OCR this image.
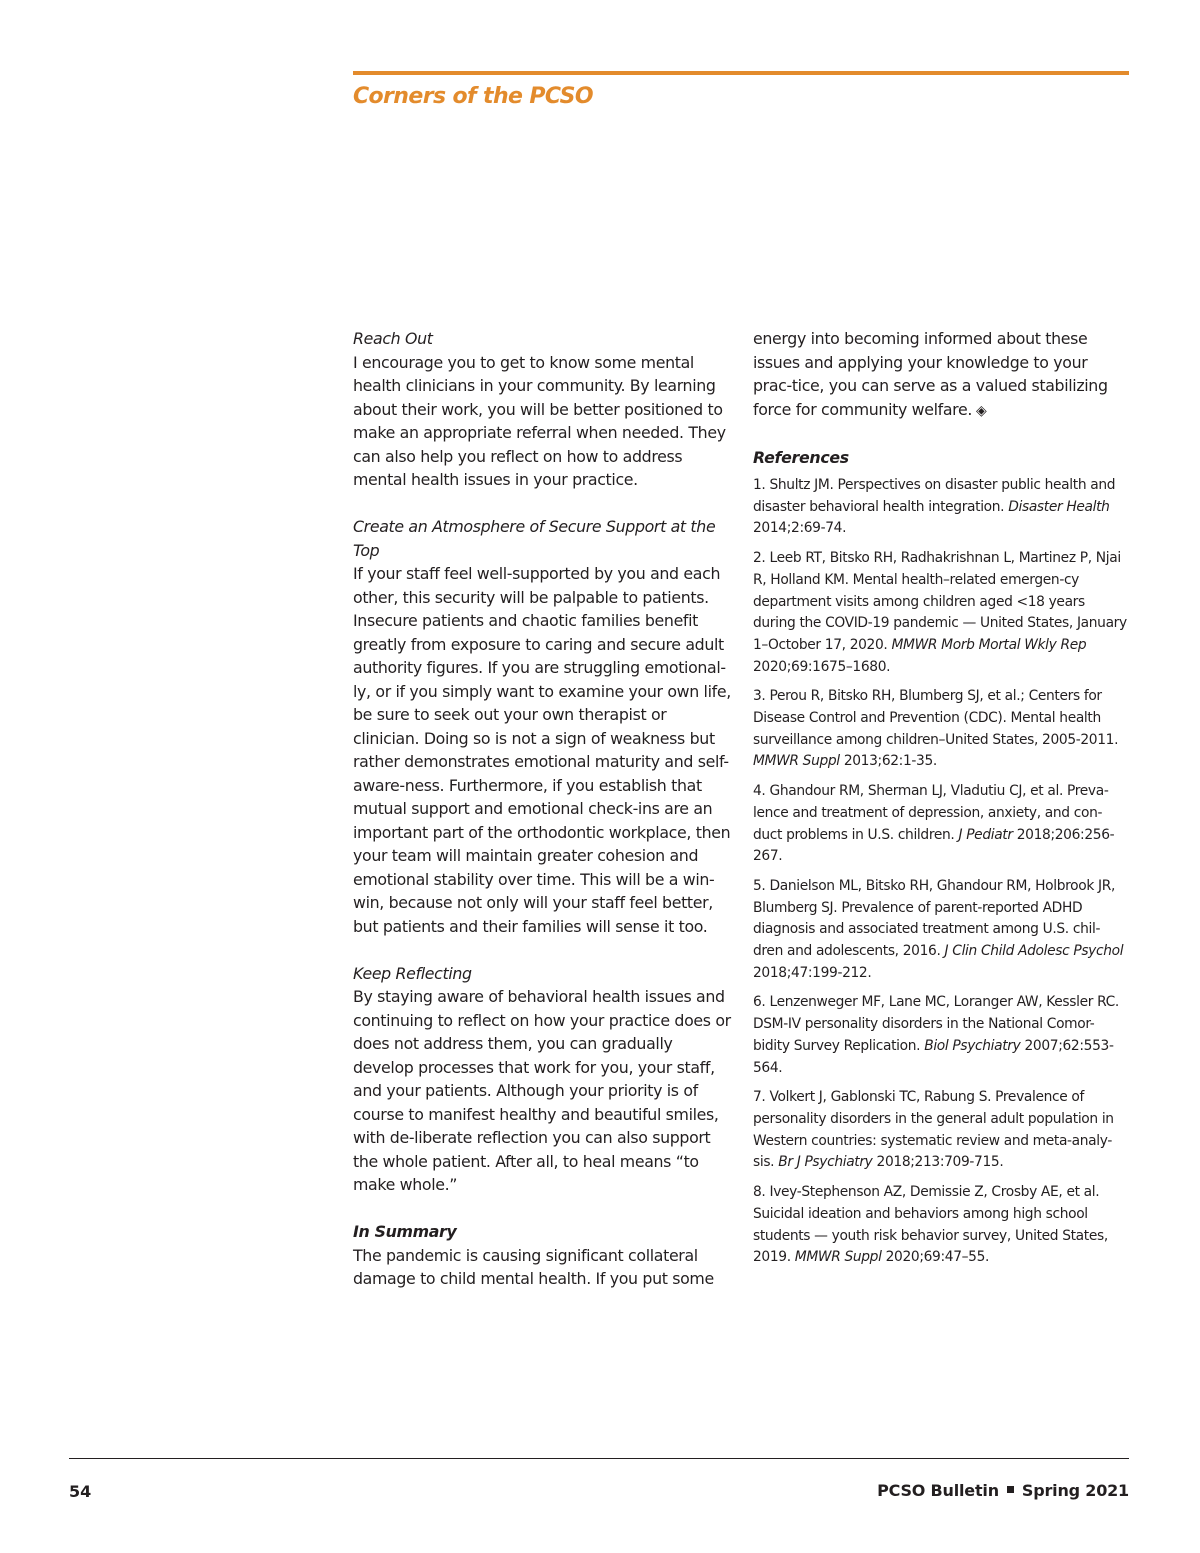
Corners of the PCSO

Reach Out

I encourage you to get to know some mental health clinicians in your community. By learning about their work, you will be better positioned to make an appropriate referral when needed. They can also help you reflect on how to address mental health issues in your practice.

Create an Atmosphere of Secure Support at the Top

If your staff feel well-supported by you and each other, this security will be palpable to patients. Insecure patients and chaotic families benefit greatly from exposure to caring and secure adult authority figures. If you are struggling emotional-ly, or if you simply want to examine your own life, be sure to seek out your own therapist or clinician. Doing so is not a sign of weakness but rather demonstrates emotional maturity and self-aware-ness. Furthermore, if you establish that mutual support and emotional check-ins are an important part of the orthodontic workplace, then your team will maintain greater cohesion and emotional stability over time. This will be a win-win, because not only will your staff feel better, but patients and their families will sense it too.

Keep Reflecting

By staying aware of behavioral health issues and continuing to reflect on how your practice does or does not address them, you can gradually develop processes that work for you, your staff, and your patients. Although your priority is of course to manifest healthy and beautiful smiles, with de-liberate reflection you can also support the whole patient. After all, to heal means “to make whole.”

In Summary

The pandemic is causing significant collateral damage to child mental health. If you put some

energy into becoming informed about these issues and applying your knowledge to your prac-tice, you can serve as a valued stabilizing force for community welfare. ◈

References

1. Shultz JM. Perspectives on disaster public health and disaster behavioral health integration. Disaster Health 2014;2:69-74.

2. Leeb RT, Bitsko RH, Radhakrishnan L, Martinez P, Njai R, Holland KM. Mental health–related emergen-cy department visits among children aged <18 years during the COVID-19 pandemic — United States, January 1–October 17, 2020. MMWR Morb Mortal Wkly Rep 2020;69:1675–1680.

3. Perou R, Bitsko RH, Blumberg SJ, et al.; Centers for Disease Control and Prevention (CDC). Mental health surveillance among children–United States, 2005-2011. MMWR Suppl 2013;62:1-35.

4. Ghandour RM, Sherman LJ, Vladutiu CJ, et al. Preva-lence and treatment of depression, anxiety, and con-duct problems in U.S. children. J Pediatr 2018;206:256-267.

5. Danielson ML, Bitsko RH, Ghandour RM, Holbrook JR, Blumberg SJ. Prevalence of parent-reported ADHD diagnosis and associated treatment among U.S. chil-dren and adolescents, 2016. J Clin Child Adolesc Psychol 2018;47:199-212.

6. Lenzenweger MF, Lane MC, Loranger AW, Kessler RC. DSM-IV personality disorders in the National Comor-bidity Survey Replication. Biol Psychiatry 2007;62:553-564.

7. Volkert J, Gablonski TC, Rabung S. Prevalence of personality disorders in the general adult population in Western countries: systematic review and meta-analy-sis. Br J Psychiatry 2018;213:709-715.

8. Ivey-Stephenson AZ, Demissie Z, Crosby AE, et al. Suicidal ideation and behaviors among high school students — youth risk behavior survey, United States, 2019. MMWR Suppl 2020;69:47–55.

54	PCSO Bulletin Spring 2021
